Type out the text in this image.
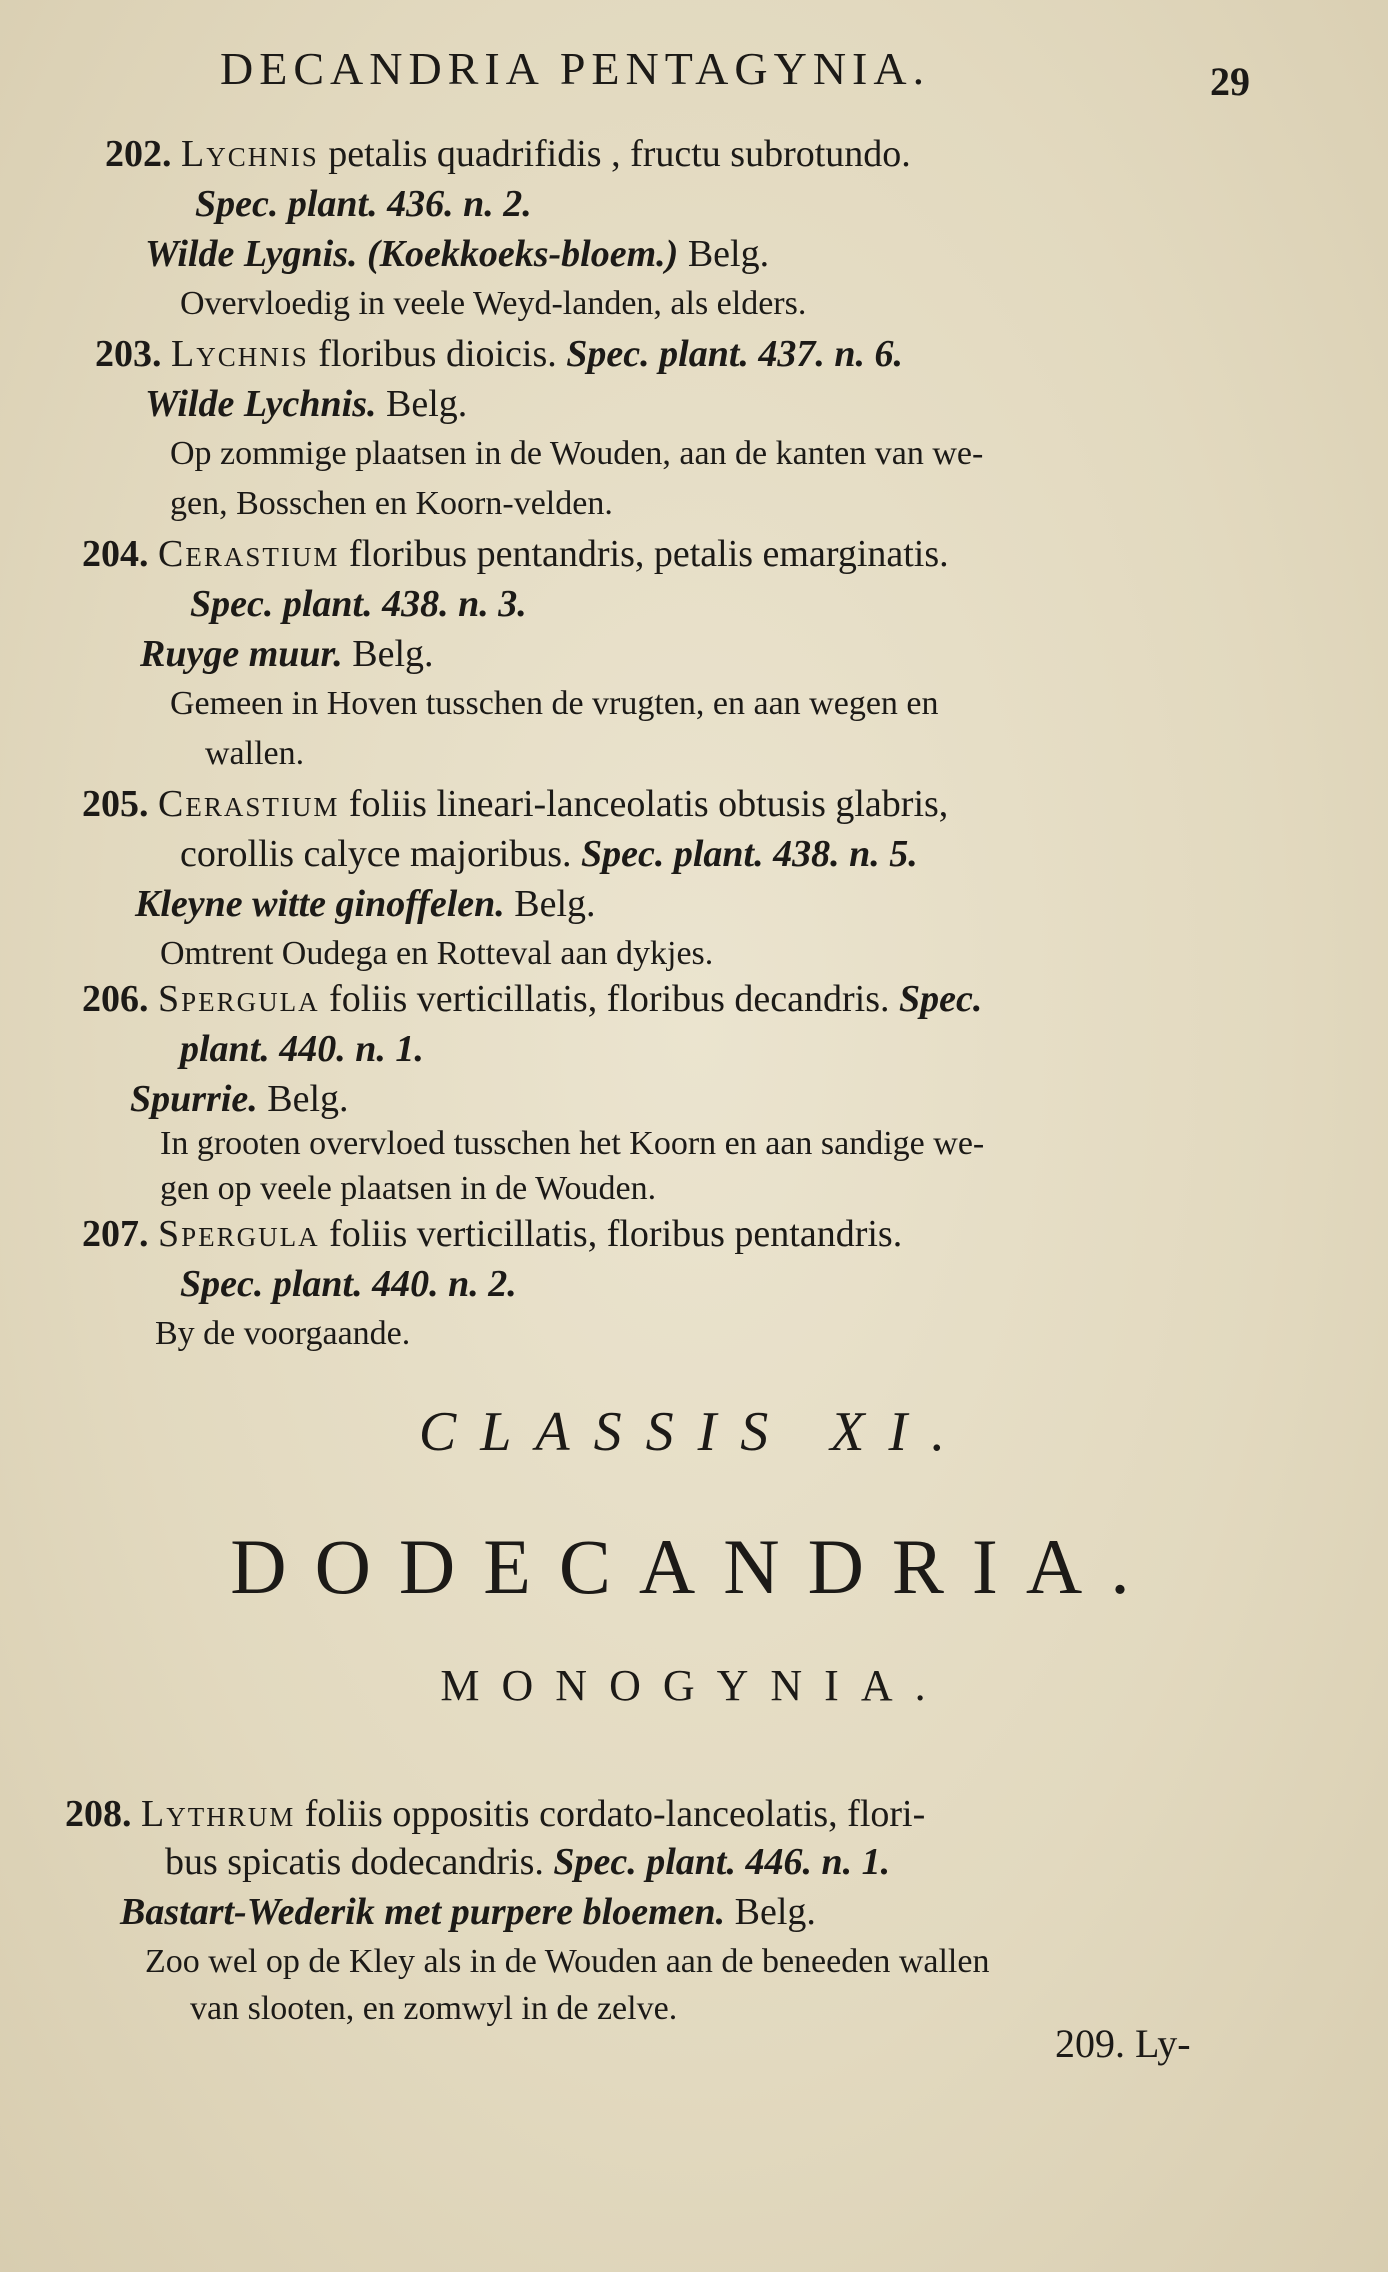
DECANDRIA PENTAGYNIA.	29
202. Lychnis petalis quadrifidis , fructu subrotundo.
Spec. plant. 436. n. 2.
Wilde Lygnis. (Koekkoeks-bloem.) Belg.
Overvloedig in veele Weyd-landen, als elders.
203. Lychnis floribus dioicis. Spec. plant. 437. n. 6.
Wilde Lychnis. Belg.
Op zommige plaatsen in de Wouden, aan de kanten van we-
gen, Bosschen en Koorn-velden.
204. Cerastium floribus pentandris, petalis emarginatis.
Spec. plant. 438. n. 3.
Ruyge muur. Belg.
Gemeen in Hoven tusschen de vrugten, en aan wegen en
wallen.
205. Cerastium foliis lineari-lanceolatis obtusis glabris,
corollis calyce majoribus. Spec. plant. 438. n. 5.
Kleyne witte ginoffelen. Belg.
Omtrent Oudega en Rotteval aan dykjes.
206. Spergula foliis verticillatis, floribus decandris. Spec.
plant. 440. n. 1.
Spurrie. Belg.
In grooten overvloed tusschen het Koorn en aan sandige we-
gen op veele plaatsen in de Wouden.
207. Spergula foliis verticillatis, floribus pentandris.
Spec. plant. 440. n. 2.
By de voorgaande.
CLASSIS XI.
DODECANDRIA.
MONOGYNIA.
208. Lythrum foliis oppositis cordato-lanceolatis, flori-
bus spicatis dodecandris. Spec. plant. 446. n. 1.
Bastart-Wederik met purpere bloemen. Belg.
Zoo wel op de Kley als in de Wouden aan de beneeden wallen
van slooten, en zomwyl in de zelve.
209. Ly-
